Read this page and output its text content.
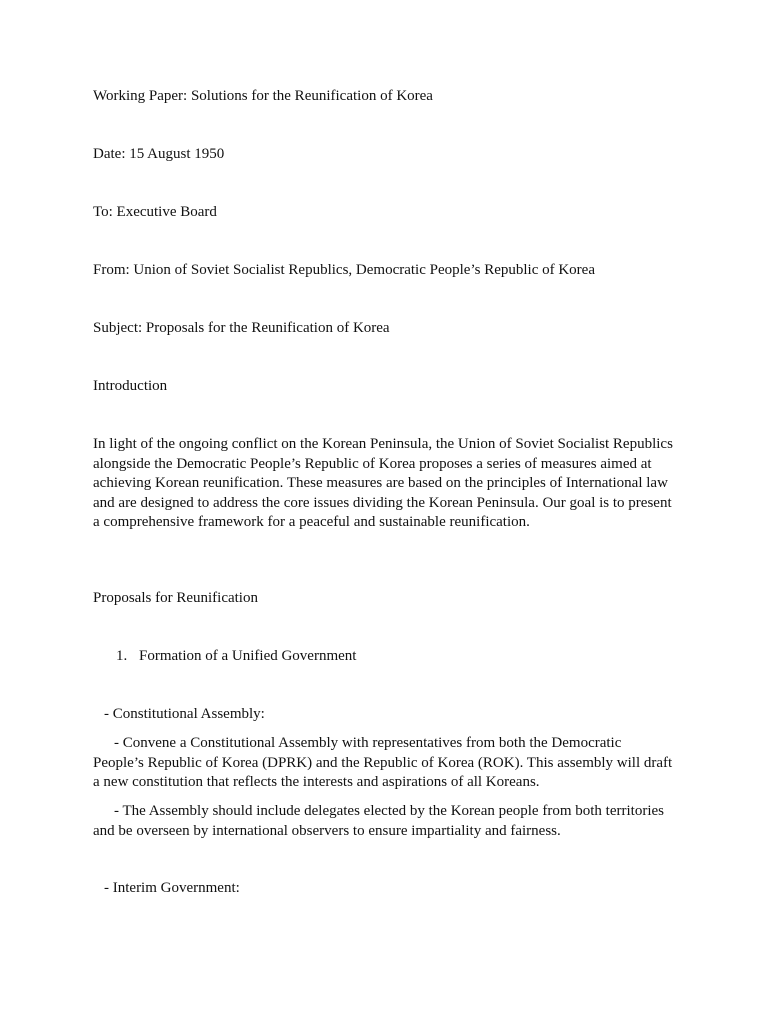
Working Paper: Solutions for the Reunification of Korea

Date: 15 August 1950

To: Executive Board

From: Union of Soviet Socialist Republics, Democratic People’s Republic of Korea

Subject: Proposals for the Reunification of Korea

Introduction

In light of the ongoing conflict on the Korean Peninsula, the Union of Soviet Socialist Republics alongside the Democratic People’s Republic of Korea proposes a series of measures aimed at achieving Korean reunification. These measures are based on the principles of International law and are designed to address the core issues dividing the Korean Peninsula. Our goal is to present a comprehensive framework for a peaceful and sustainable reunification.

Proposals for Reunification

1. Formation of a Unified Government

- Constitutional Assembly:

- Convene a Constitutional Assembly with representatives from both the Democratic People’s Republic of Korea (DPRK) and the Republic of Korea (ROK). This assembly will draft a new constitution that reflects the interests and aspirations of all Koreans.

- The Assembly should include delegates elected by the Korean people from both territories and be overseen by international observers to ensure impartiality and fairness.

- Interim Government:
